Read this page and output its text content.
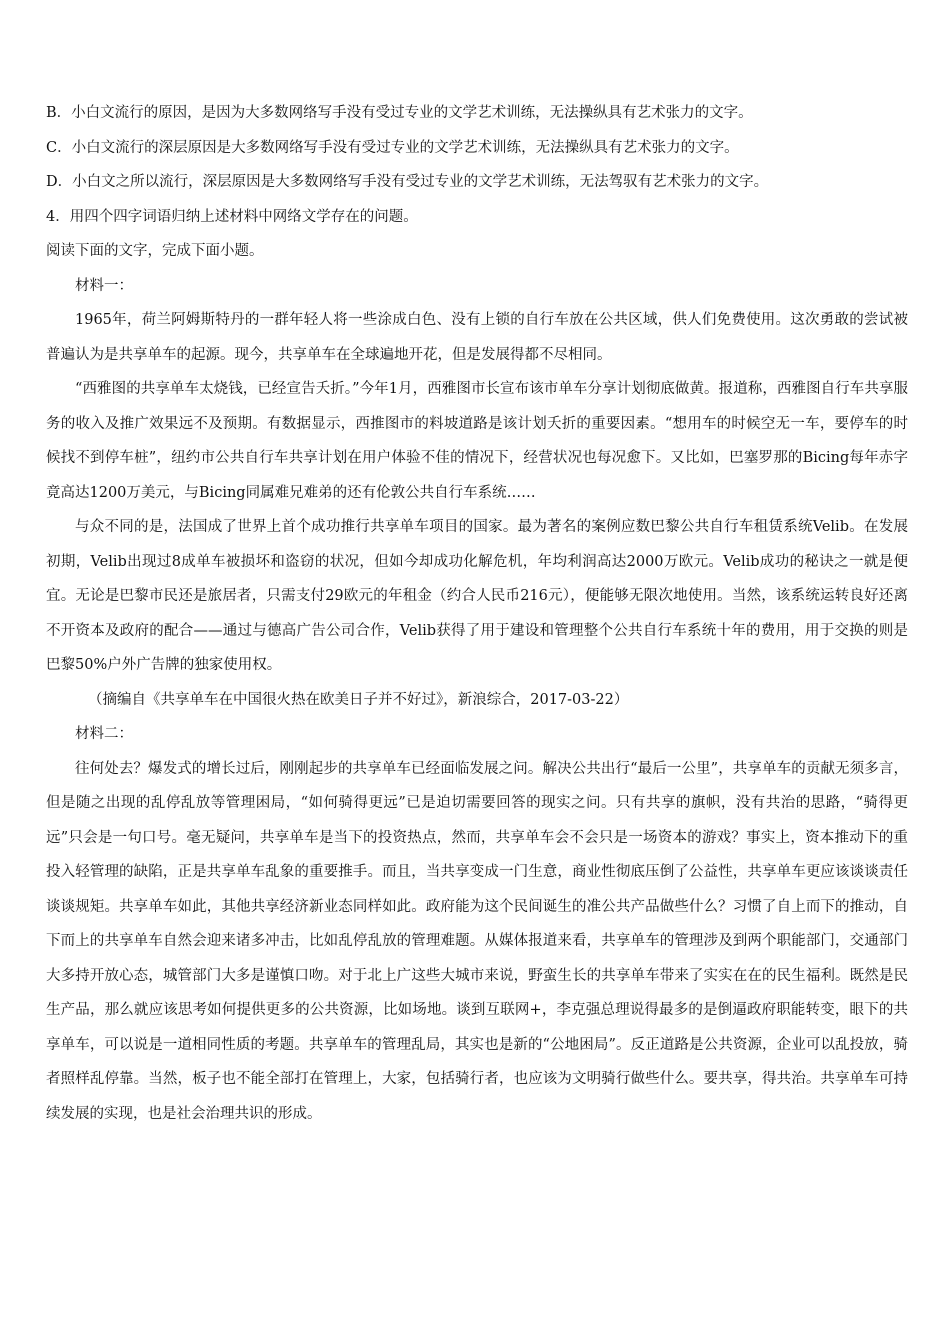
B．小白文流行的原因，是因为大多数网络写手没有受过专业的文学艺术训练，无法操纵具有艺术张力的文字。

C．小白文流行的深层原因是大多数网络写手没有受过专业的文学艺术训练，无法操纵具有艺术张力的文字。

D．小白文之所以流行，深层原因是大多数网络写手没有受过专业的文学艺术训练，无法驾驭有艺术张力的文字。

4．用四个四字词语归纳上述材料中网络文学存在的问题。

阅读下面的文字，完成下面小题。

材料一：

1965年，荷兰阿姆斯特丹的一群年轻人将一些涂成白色、没有上锁的自行车放在公共区域，供人们免费使用。这次勇敢的尝试被普遍认为是共享单车的起源。现今，共享单车在全球遍地开花，但是发展得都不尽相同。

“西雅图的共享单车太烧钱，已经宣告夭折。”今年1月，西雅图市长宣布该市单车分享计划彻底做黄。报道称，西雅图自行车共享服务的收入及推广效果远不及预期。有数据显示，西推图市的料坡道路是该计划夭折的重要因素。“想用车的时候空无一车，要停车的时候找不到停车桩”，纽约市公共自行车共享计划在用户体验不佳的情况下，经营状况也每况愈下。又比如，巴塞罗那的Bicing每年赤字竟高达1200万美元，与Bicing同属难兄难弟的还有伦敦公共自行车系统……

与众不同的是，法国成了世界上首个成功推行共享单车项目的国家。最为著名的案例应数巴黎公共自行车租赁系统Velib。在发展初期，Velib出现过8成单车被损坏和盗窃的状况，但如今却成功化解危机，年均利润高达2000万欧元。Velib成功的秘诀之一就是便宜。无论是巴黎市民还是旅居者，只需支付29欧元的年租金（约合人民币216元），便能够无限次地使用。当然，该系统运转良好还离不开资本及政府的配合——通过与德高广告公司合作，Velib获得了用于建设和管理整个公共自行车系统十年的费用，用于交换的则是巴黎50%户外广告牌的独家使用权。

（摘编自《共享单车在中国很火热在欧美日子并不好过》，新浪综合，2017-03-22）

材料二：

往何处去？爆发式的增长过后，刚刚起步的共享单车已经面临发展之问。解决公共出行“最后一公里”，共享单车的贡献无须多言，但是随之出现的乱停乱放等管理困局，“如何骑得更远”已是迫切需要回答的现实之问。只有共享的旗帜，没有共治的思路，“骑得更远”只会是一句口号。毫无疑问，共享单车是当下的投资热点，然而，共享单车会不会只是一场资本的游戏？事实上，资本推动下的重投入轻管理的缺陷，正是共享单车乱象的重要推手。而且，当共享变成一门生意，商业性彻底压倒了公益性，共享单车更应该谈谈责任谈谈规矩。共享单车如此，其他共享经济新业态同样如此。政府能为这个民间诞生的准公共产品做些什么？习惯了自上而下的推动，自下而上的共享单车自然会迎来诸多冲击，比如乱停乱放的管理难题。从媒体报道来看，共享单车的管理涉及到两个职能部门，交通部门大多持开放心态，城管部门大多是谨慎口吻。对于北上广这些大城市来说，野蛮生长的共享单车带来了实实在在的民生福利。既然是民生产品，那么就应该思考如何提供更多的公共资源，比如场地。谈到互联网+，李克强总理说得最多的是倒逼政府职能转变，眼下的共享单车，可以说是一道相同性质的考题。共享单车的管理乱局，其实也是新的“公地困局”。反正道路是公共资源，企业可以乱投放，骑者照样乱停靠。当然，板子也不能全部打在管理上，大家，包括骑行者，也应该为文明骑行做些什么。要共享，得共治。共享单车可持续发展的实现，也是社会治理共识的形成。
